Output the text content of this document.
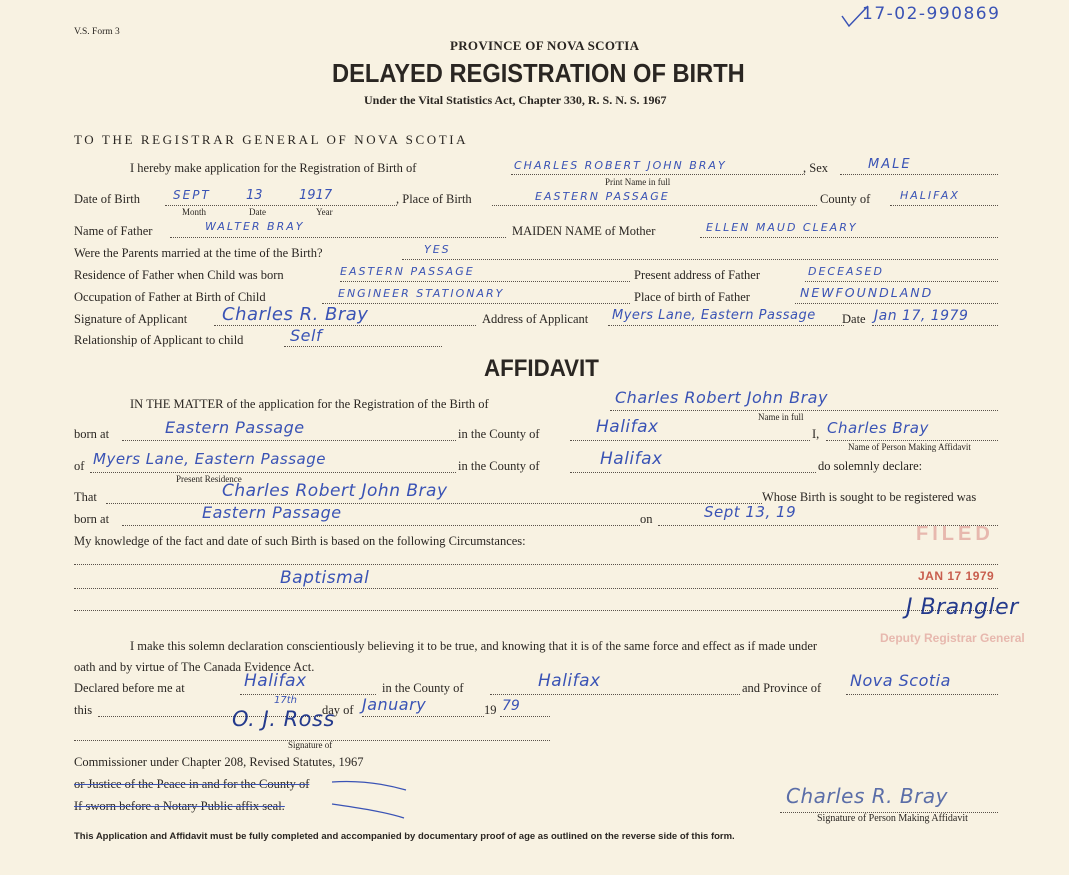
V.S. Form 3
17-02-990869
PROVINCE OF NOVA SCOTIA
DELAYED REGISTRATION OF BIRTH
Under the Vital Statistics Act, Chapter 330, R. S. N. S. 1967
TO THE REGISTRAR GENERAL OF NOVA SCOTIA
I hereby make application for the Registration of Birth of	CHARLES ROBERT JOHN BRAY
Print Name in full
, Sex	MALE
Date of Birth	SEPT	13	1917
Month	Date	Year
, Place of Birth	EASTERN PASSAGE	County of	HALIFAX
Name of Father	WALTER BRAY	MAIDEN NAME of Mother	ELLEN MAUD CLEARY
Were the Parents married at the time of the Birth?	YES
Residence of Father when Child was born	EASTERN PASSAGE	Present address of Father	DECEASED
Occupation of Father at Birth of Child	ENGINEER STATIONARY	Place of birth of Father	NEWFOUNDLAND
Signature of Applicant Charles R. Bray	Address of Applicant Myers Lane, Eastern Passage Date Jan 17, 1979
Relationship of Applicant to child	Self
AFFIDAVIT
IN THE MATTER of the application for the Registration of the Birth of	Charles Robert John Bray
Name in full
born at	Eastern Passage	in the County of	Halifax	I, Charles Bray
Name of Person Making Affidavit
of Myers Lane, Eastern Passage
Present Residence
in the County of	Halifax	do solemnly declare:
That	Charles Robert John Bray	Whose Birth is sought to be registered was
born at	Eastern Passage	on	Sept 13, 19
My knowledge of the fact and date of such Birth is based on the following Circumstances:
Baptismal
FILED
JAN 17 1979
J Brangler
Deputy Registrar General
I make this solemn declaration conscientiously believing it to be true, and knowing that it is of the same force and effect as if made under
oath and by virtue of The Canada Evidence Act.
Declared before me at	Halifax	in the County of	Halifax	and Province of Nova Scotia
this
17th
day of January	19 79
O. J. Ross
Signature of
Commissioner under Chapter 208, Revised Statutes, 1967
or Justice of the Peace in and for the County of
If sworn before a Notary Public affix seal.	Charles R. Bray
Signature of Person Making Affidavit
This Application and Affidavit must be fully completed and accompanied by documentary proof of age as outlined on the reverse side of this form.
